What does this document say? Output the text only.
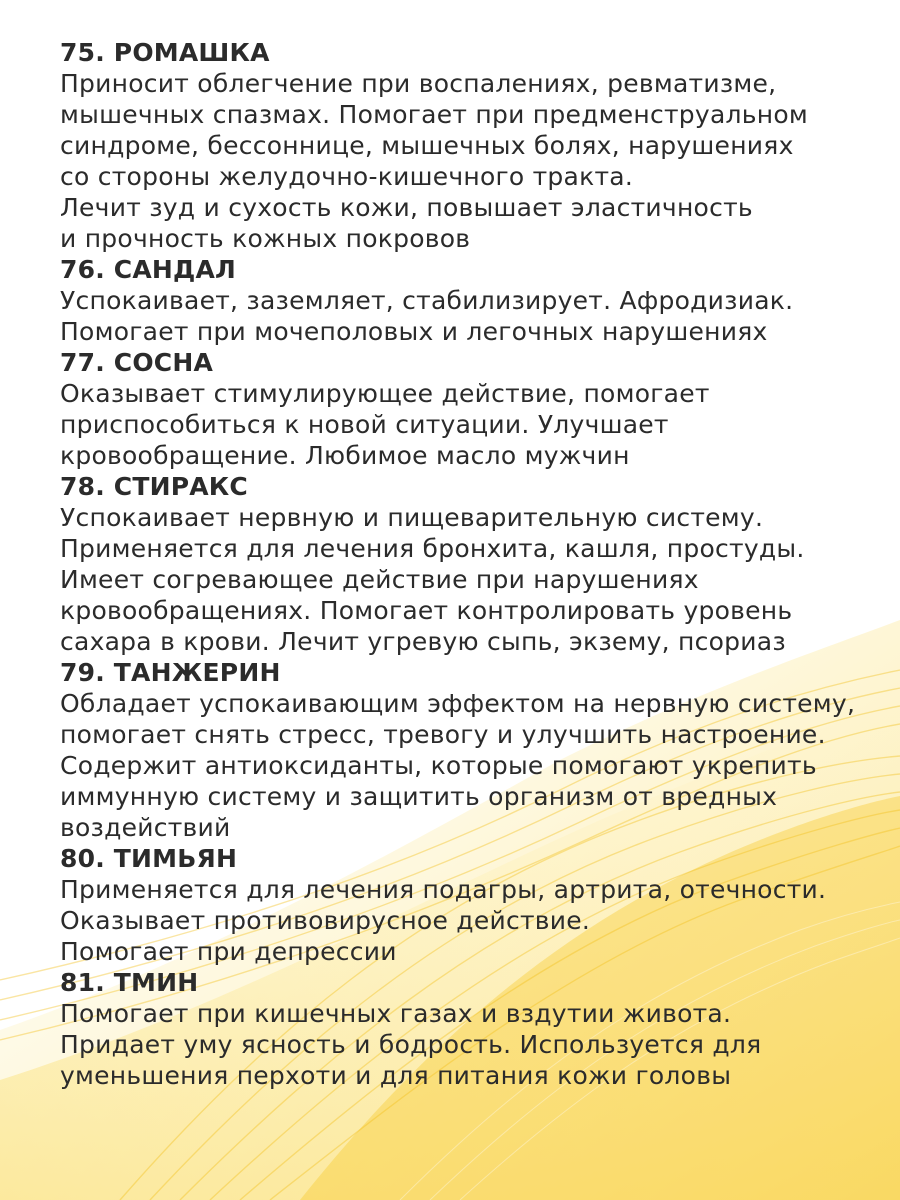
75. РОМАШКА
Приносит облегчение при воспалениях, ревматизме,
мышечных спазмах. Помогает при предменструальном
синдроме, бессоннице, мышечных болях, нарушениях
со стороны желудочно-кишечного тракта.
Лечит зуд и сухость кожи, повышает эластичность
и прочность кожных покровов
76. САНДАЛ
Успокаивает, заземляет, стабилизирует. Афродизиак.
Помогает при мочеполовых и легочных нарушениях
77. СОСНА
Оказывает стимулирующее действие, помогает
приспособиться к новой ситуации. Улучшает
кровообращение. Любимое масло мужчин
78. СТИРАКС
Успокаивает нервную и пищеварительную систему.
Применяется для лечения бронхита, кашля, простуды.
Имеет согревающее действие при нарушениях
кровообращениях. Помогает контролировать уровень
сахара в крови. Лечит угревую сыпь, экзему, псориаз
79. ТАНЖЕРИН
Обладает успокаивающим эффектом на нервную систему,
помогает снять стресс, тревогу и улучшить настроение.
Содержит антиоксиданты, которые помогают укрепить
иммунную систему и защитить организм от вредных
воздействий
80. ТИМЬЯН
Применяется для лечения подагры, артрита, отечности.
Оказывает противовирусное действие.
Помогает при депрессии
81. ТМИН
Помогает при кишечных газах и вздутии живота.
Придает уму ясность и бодрость. Используется для
уменьшения перхоти и для питания кожи головы
